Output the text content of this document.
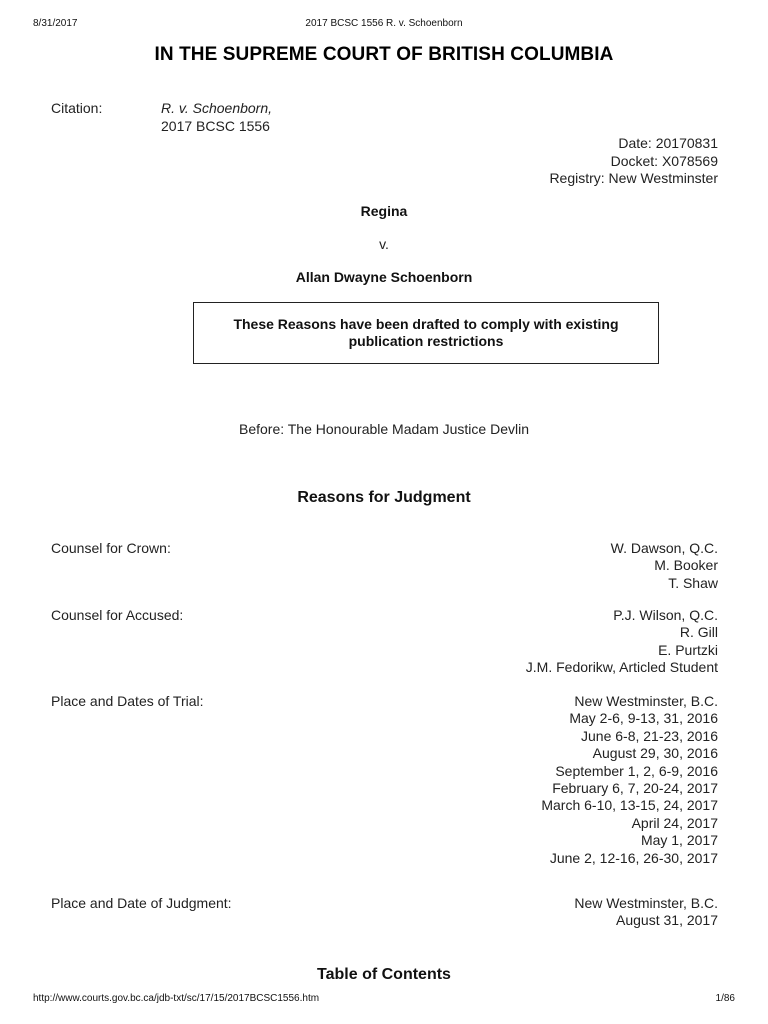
8/31/2017	2017 BCSC 1556 R. v. Schoenborn
IN THE SUPREME COURT OF BRITISH COLUMBIA
Citation:	R. v. Schoenborn,
2017 BCSC 1556
Date: 20170831
Docket: X078569
Registry: New Westminster
Regina
v.
Allan Dwayne Schoenborn
These Reasons have been drafted to comply with existing publication restrictions
Before: The Honourable Madam Justice Devlin
Reasons for Judgment
Counsel for Crown:	W. Dawson, Q.C.
M. Booker
T. Shaw
Counsel for Accused:	P.J. Wilson, Q.C.
R. Gill
E. Purtzki
J.M. Fedorikw, Articled Student
Place and Dates of Trial:	New Westminster, B.C.
May 2-6, 9-13, 31, 2016
June 6-8, 21-23, 2016
August 29, 30, 2016
September 1, 2, 6-9, 2016
February 6, 7, 20-24, 2017
March 6-10, 13-15, 24, 2017
April 24, 2017
May 1, 2017
June 2, 12-16, 26-30, 2017
Place and Date of Judgment:	New Westminster, B.C.
August 31, 2017
Table of Contents
http://www.courts.gov.bc.ca/jdb-txt/sc/17/15/2017BCSC1556.htm	1/86
